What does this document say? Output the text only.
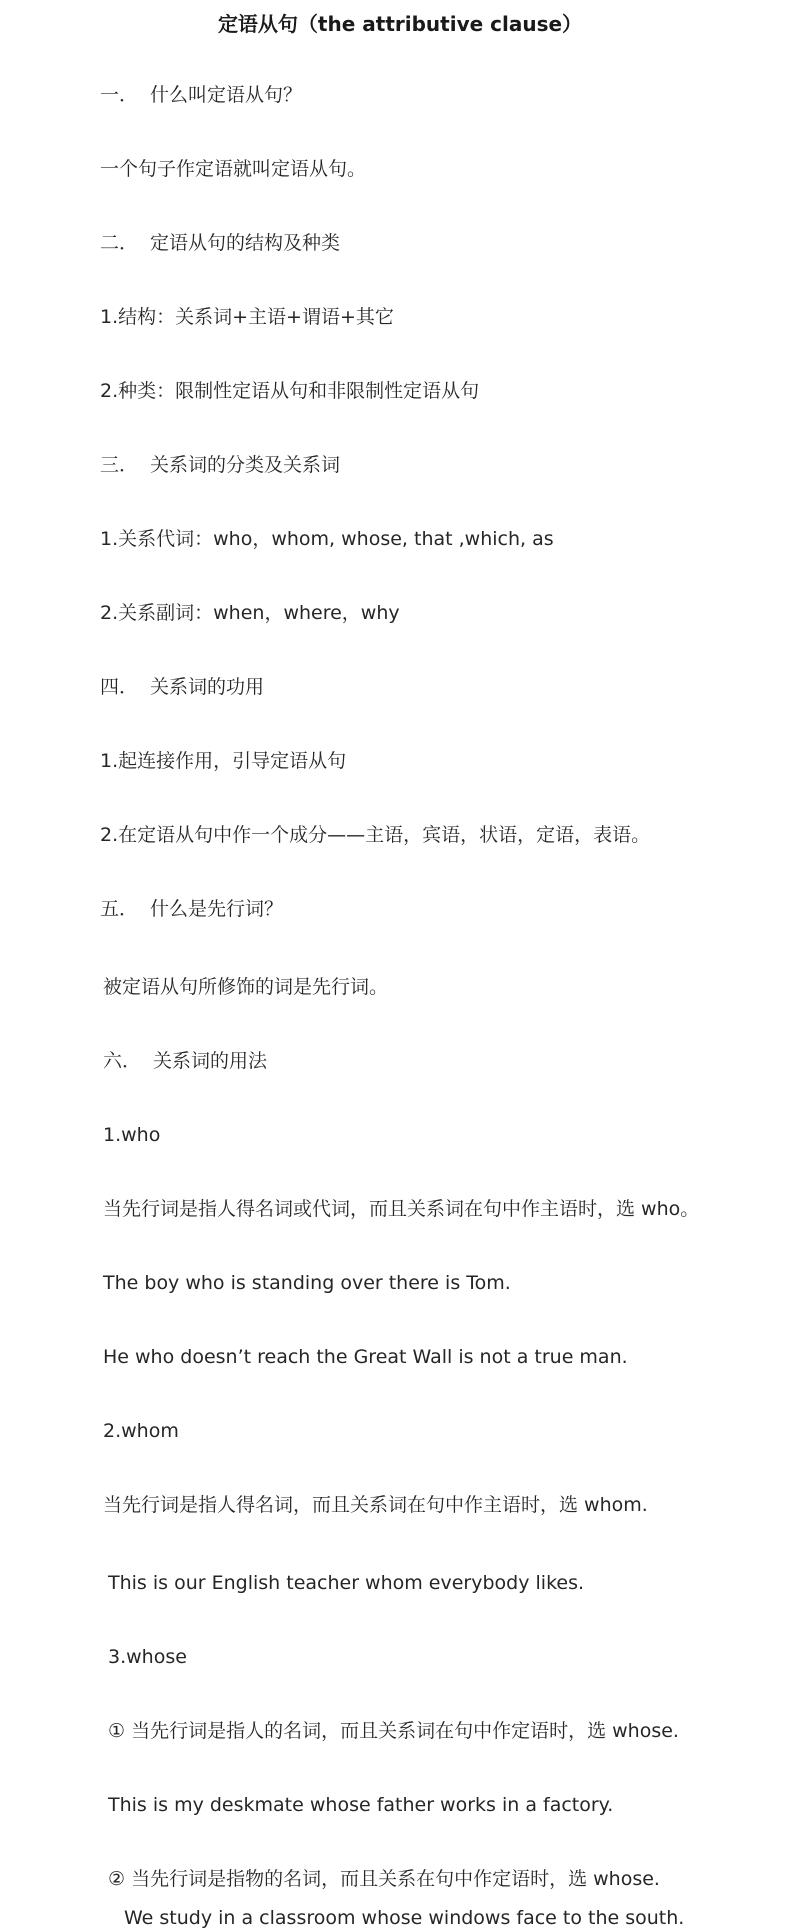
定语从句（the attributive clause）
一． 什么叫定语从句？
一个句子作定语就叫定语从句。
二． 定语从句的结构及种类
1.结构：关系词+主语+谓语+其它
2.种类：限制性定语从句和非限制性定语从句
三． 关系词的分类及关系词
1.关系代词：who，whom, whose, that ,which, as
2.关系副词：when，where，why
四． 关系词的功用
1.起连接作用，引导定语从句
2.在定语从句中作一个成分——主语，宾语，状语，定语，表语。
五． 什么是先行词？
被定语从句所修饰的词是先行词。
六． 关系词的用法
1.who
当先行词是指人得名词或代词，而且关系词在句中作主语时，选 who。
The boy who is standing over there is Tom.
He who doesn’t reach the Great Wall is not a true man.
2.whom
当先行词是指人得名词，而且关系词在句中作主语时，选 whom.
This is our English teacher whom everybody likes.
3.whose
① 当先行词是指人的名词，而且关系词在句中作定语时，选 whose.
This is my deskmate whose father works in a factory.
② 当先行词是指物的名词，而且关系在句中作定语时，选 whose.
We study in a classroom whose windows face to the south.
